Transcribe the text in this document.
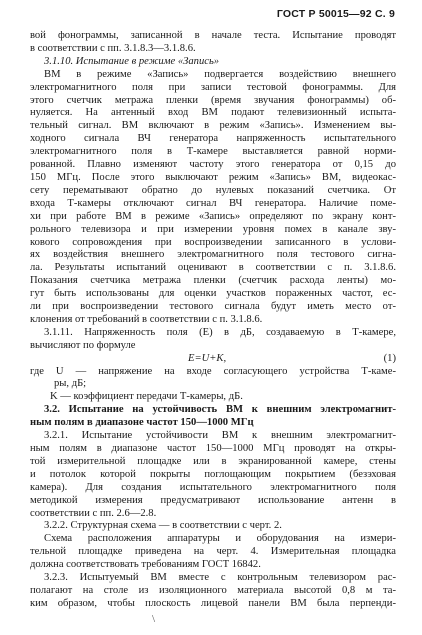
ГОСТ Р 50015—92 С. 9
вой фонограммы, записанной в начале теста. Испытание проводят
в соответствии с пп. 3.1.8.3—3.1.8.6.
3.1.10. Испытание в режиме «Запись»
ВМ в режиме «Запись» подвергается воздействию внешнего
электромагнитного поля при записи тестовой фонограммы. Для
этого счетчик метража пленки (время звучания фонограммы) об-
нуляется. На антенный вход ВМ подают телевизионный испыта-
тельный сигнал. ВМ включают в режим «Запись». Изменением вы-
ходного сигнала ВЧ генератора напряженность испытательного
электромагнитного поля в Т-камере выставляется равной норми-
рованной. Плавно изменяют частоту этого генератора от 0,15 до
150 МГц. После этого выключают режим «Запись» ВМ, видеокас-
сету перематывают обратно до нулевых показаний счетчика. От
входа Т-камеры отключают сигнал ВЧ генератора. Наличие поме-
хи при работе ВМ в режиме «Запись» определяют по экрану конт-
рольного телевизора и при измерении уровня помех в канале зву-
кового сопровождения при воспроизведении записанного в услови-
ях воздействия внешнего электромагнитного поля тестового сигна-
ла. Результаты испытаний оценивают в соответствии с п. 3.1.8.6.
Показания счетчика метража пленки (счетчик расхода ленты) мо-
гут быть использованы для оценки участков пораженных частот, ес-
ли при воспроизведении тестового сигнала будут иметь место от-
клонения от требований в соответствии с п. 3.1.8.6.
3.1.11. Напряженность поля (E) в дБ, создаваемую в Т-камере,
вычисляют по формуле
E=U+K,	(1)
где U — напряжение на входе согласующего устройства Т-каме-
ры, дБ;
K — коэффициент передачи Т-камеры, дБ.
3.2. Испытание на устойчивость ВМ к внешним электромагнит-
ным полям в диапазоне частот 150—1000 МГц
3.2.1. Испытание устойчивости ВМ к внешним электромагнит-
ным полям в диапазоне частот 150—1000 МГц проводят на откры-
той измерительной площадке или в экранированной камере, стены
и потолок которой покрыты поглощающим покрытием (безэховая
камера). Для создания испытательного электромагнитного поля
методикой измерения предусматривают использование антенн в
соответствии с пп. 2.6—2.8.
3.2.2. Структурная схема — в соответствии с черт. 2.
Схема расположения аппаратуры и оборудования на измери-
тельной площадке приведена на черт. 4. Измерительная площадка
должна соответствовать требованиям ГОСТ 16842.
3.2.3. Испытуемый ВМ вместе с контрольным телевизором рас-
полагают на столе из изоляционного материала высотой 0,8 м та-
ким образом, чтобы плоскость лицевой панели ВМ была перпенди-
\
